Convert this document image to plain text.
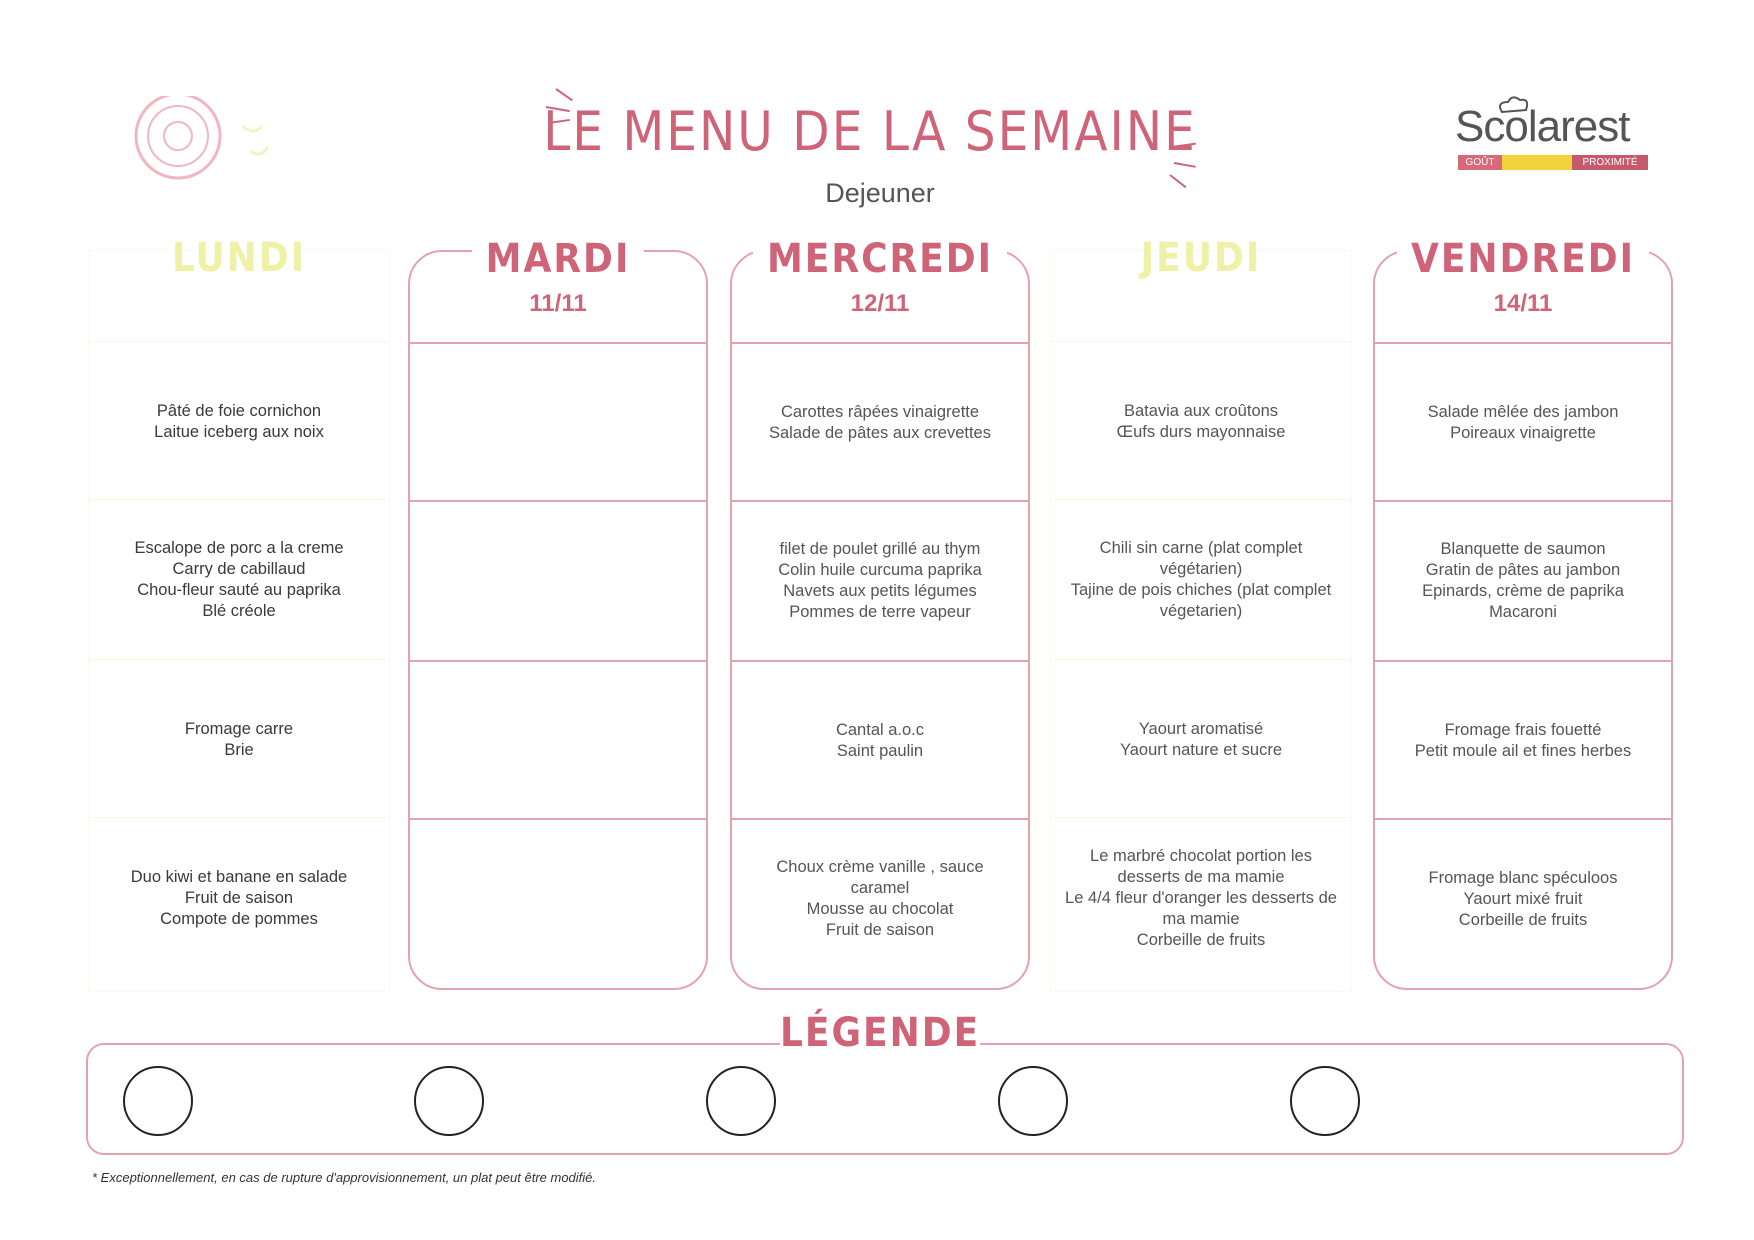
LE MENU DE LA SEMAINE
Dejeuner
Scolarest
GOÛT	PROXIMITÉ
LUNDI
Pâté de foie cornichon
Laitue iceberg aux noix
Escalope de porc a la creme
Carry de cabillaud
Chou-fleur sauté au paprika
Blé créole
Fromage carre
Brie
Duo kiwi et banane en salade
Fruit de saison
Compote de pommes
MARDI
11/11
MERCREDI
12/11
Carottes râpées vinaigrette
Salade de pâtes aux crevettes
filet de poulet grillé au thym
Colin huile curcuma paprika
Navets aux petits légumes
Pommes de terre vapeur
Cantal a.o.c
Saint paulin
Choux crème vanille , sauce caramel
Mousse au chocolat
Fruit de saison
JEUDI
Batavia aux croûtons
Œufs durs mayonnaise
Chili sin carne (plat complet végétarien)
Tajine de pois chiches (plat complet végetarien)
Yaourt aromatisé
Yaourt nature et sucre
Le marbré chocolat portion les desserts de ma mamie
Le 4/4 fleur d'oranger les desserts de ma mamie
Corbeille de fruits
VENDREDI
14/11
Salade mêlée des jambon
Poireaux vinaigrette
Blanquette de saumon
Gratin de pâtes au jambon
Epinards, crème de paprika
Macaroni
Fromage frais fouetté
Petit moule ail et fines herbes
Fromage blanc spéculoos
Yaourt mixé fruit
Corbeille de fruits
LÉGENDE
* Exceptionnellement, en cas de rupture d'approvisionnement, un plat peut être modifié.
